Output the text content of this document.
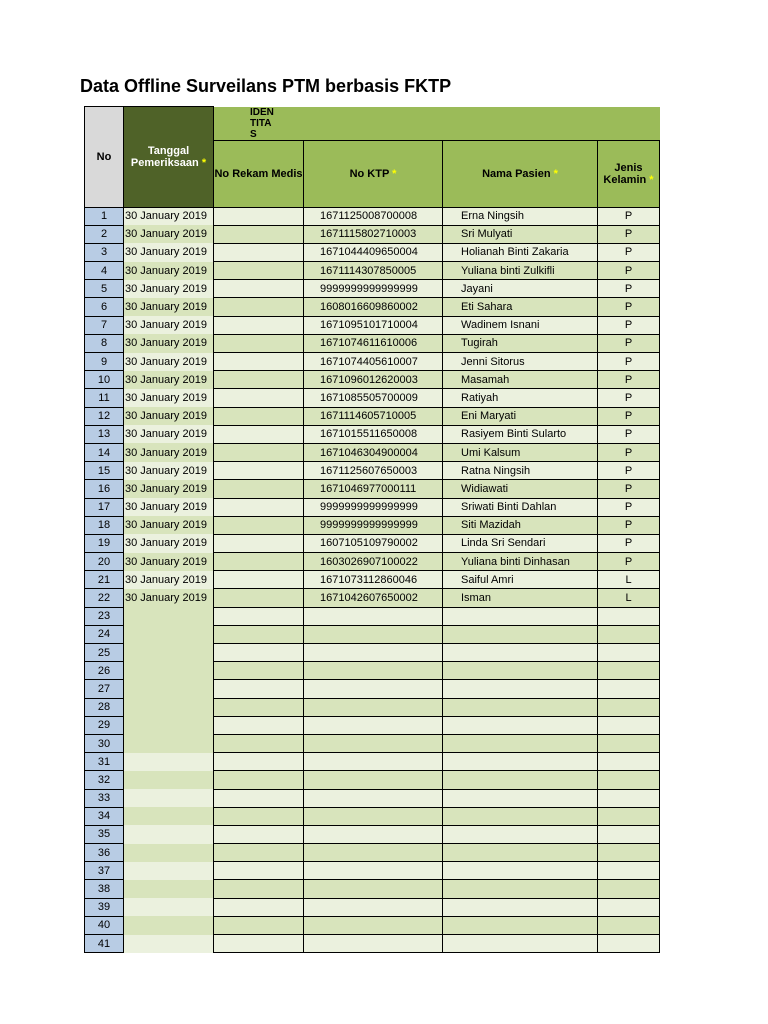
Data Offline Surveilans PTM berbasis FKTP
No	Tanggal Pemeriksaan *	IDENTITAS			

		No Rekam Medis	No KTP *	Nama Pasien *	Jenis Kelamin *
1	30 January 2019		1671125008700008	Erna Ningsih	P
2	30 January 2019		1671115802710003	Sri Mulyati	P
3	30 January 2019		1671044409650004	Holianah Binti Zakaria	P
4	30 January 2019		1671114307850005	Yuliana binti Zulkifli	P
5	30 January 2019		9999999999999999	Jayani	P
6	30 January 2019		1608016609860002	Eti Sahara	P
7	30 January 2019		1671095101710004	Wadinem Isnani	P
8	30 January 2019		1671074611610006	Tugirah	P
9	30 January 2019		1671074405610007	Jenni Sitorus	P
10	30 January 2019		1671096012620003	Masamah	P
11	30 January 2019		1671085505700009	Ratiyah	P
12	30 January 2019		1671114605710005	Eni Maryati	P
13	30 January 2019		1671015511650008	Rasiyem Binti Sularto	P
14	30 January 2019		1671046304900004	Umi Kalsum	P
15	30 January 2019		1671125607650003	Ratna Ningsih	P
16	30 January 2019		1671046977000111	Widiawati	P
17	30 January 2019		9999999999999999	Sriwati Binti Dahlan	P
18	30 January 2019		9999999999999999	Siti Mazidah	P
19	30 January 2019		1607105109790002	Linda Sri Sendari	P
20	30 January 2019		1603026907100022	Yuliana binti Dinhasan	P
21	30 January 2019		1671073112860046	Saiful Amri	L
22	30 January 2019		1671042607650002	Isman	L
23					
24					
25					
26					
27					
28					
29					
30					
31					
32					
33					
34					
35					
36					
37					
38					
39					
40					
41					
